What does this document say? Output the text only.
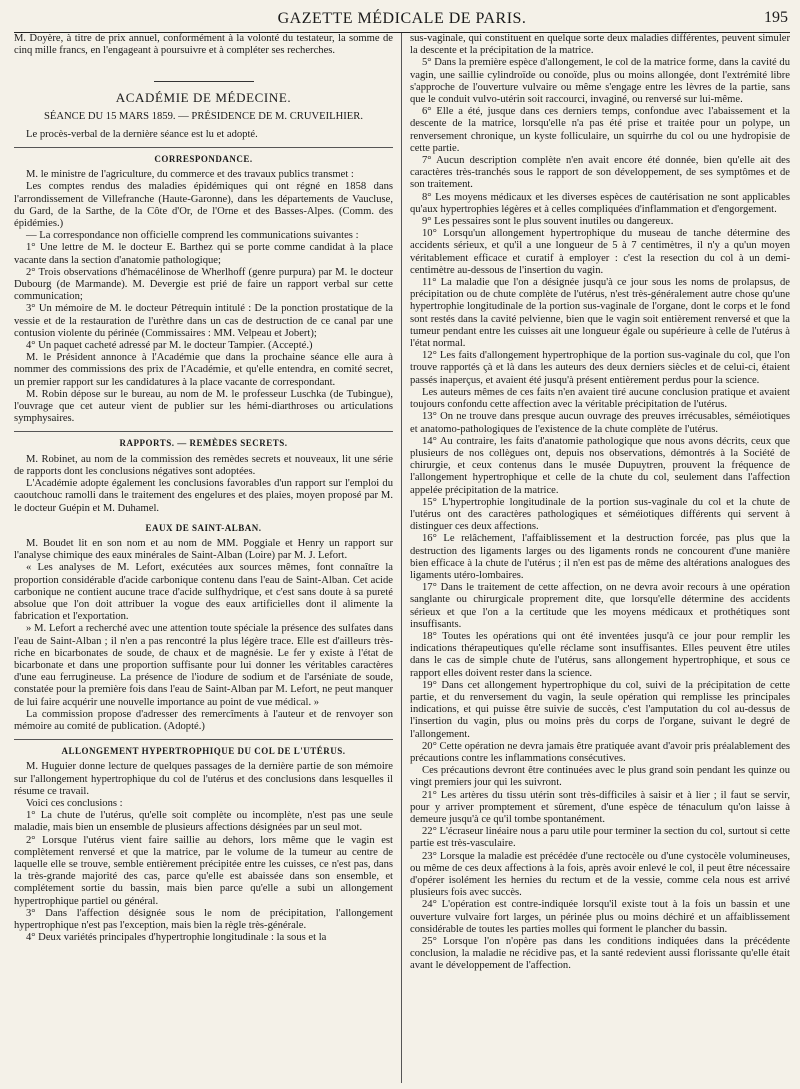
GAZETTE MÉDICALE DE PARIS.	195

M. Doyère, à titre de prix annuel, conformément à la volonté du testateur, la somme de cinq mille francs, en l'engageant à poursuivre et à compléter ses recherches.

ACADÉMIE DE MÉDECINE.

SÉANCE DU 15 MARS 1859. — PRÉSIDENCE DE M. CRUVEILHIER.

Le procès-verbal de la dernière séance est lu et adopté.

CORRESPONDANCE.

M. le ministre de l'agriculture, du commerce et des travaux publics transmet :

Les comptes rendus des maladies épidémiques qui ont régné en 1858 dans l'arrondissement de Villefranche (Haute-Garonne), dans les départements de Vaucluse, du Gard, de la Sarthe, de la Côte d'Or, de l'Orne et des Basses-Alpes. (Comm. des épidémies.)

— La correspondance non officielle comprend les communications suivantes :

1° Une lettre de M. le docteur E. Barthez qui se porte comme candidat à la place vacante dans la section d'anatomie pathologique;

2° Trois observations d'hémacélinose de Wherlhoff (genre purpura) par M. le docteur Dubourg (de Marmande). M. Devergie est prié de faire un rapport verbal sur cette communication;

3° Un mémoire de M. le docteur Pétrequin intitulé : De la ponction prostatique de la vessie et de la restauration de l'urèthre dans un cas de destruction de ce canal par une contusion violente du périnée (Commissaires : MM. Velpeau et Jobert);

4° Un paquet cacheté adressé par M. le docteur Tampier. (Accepté.)

M. le Président annonce à l'Académie que dans la prochaine séance elle aura à nommer des commissions des prix de l'Académie, et qu'elle entendra, en comité secret, un premier rapport sur les candidatures à la place vacante de correspondant.

M. Robin dépose sur le bureau, au nom de M. le professeur Luschka (de Tubingue), l'ouvrage que cet auteur vient de publier sur les hémi-diarthroses ou articulations symphysaires.

RAPPORTS. — REMÈDES SECRETS.

M. Robinet, au nom de la commission des remèdes secrets et nouveaux, lit une série de rapports dont les conclusions négatives sont adoptées.

L'Académie adopte également les conclusions favorables d'un rapport sur l'emploi du caoutchouc ramolli dans le traitement des engelures et des plaies, moyen proposé par M. le docteur Guépin et M. Duhamel.

EAUX DE SAINT-ALBAN.

M. Boudet lit en son nom et au nom de MM. Poggiale et Henry un rapport sur l'analyse chimique des eaux minérales de Saint-Alban (Loire) par M. J. Lefort.

« Les analyses de M. Lefort, exécutées aux sources mêmes, font connaître la proportion considérable d'acide carbonique contenu dans l'eau de Saint-Alban. Cet acide carbonique ne contient aucune trace d'acide sulfhydrique, et c'est sans doute à sa pureté absolue que l'on doit attribuer la vogue des eaux artificielles dont il alimente la fabrication et l'exportation.

» M. Lefort a recherché avec une attention toute spéciale la présence des sulfates dans l'eau de Saint-Alban ; il n'en a pas rencontré la plus légère trace. Elle est d'ailleurs très-riche en bicarbonates de soude, de chaux et de magnésie. Le fer y existe à l'état de bicarbonate et dans une proportion suffisante pour lui donner les véritables caractères d'une eau ferrugineuse. La présence de l'iodure de sodium et de l'arséniate de soude, constatée pour la première fois dans l'eau de Saint-Alban par M. Lefort, ne peut manquer de lui faire acquérir une nouvelle importance au point de vue médical. »

La commission propose d'adresser des remercîments à l'auteur et de renvoyer son mémoire au comité de publication. (Adopté.)

ALLONGEMENT HYPERTROPHIQUE DU COL DE L'UTÉRUS.

M. Huguier donne lecture de quelques passages de la dernière partie de son mémoire sur l'allongement hypertrophique du col de l'utérus et des conclusions dans lesquelles il résume ce travail.

Voici ces conclusions :

1° La chute de l'utérus, qu'elle soit complète ou incomplète, n'est pas une seule maladie, mais bien un ensemble de plusieurs affections désignées par un seul mot.

2° Lorsque l'utérus vient faire saillie au dehors, lors même que le vagin est complètement renversé et que la matrice, par le volume de la tumeur au centre de laquelle elle se trouve, semble entièrement précipitée entre les cuisses, ce n'est pas, dans la très-grande majorité des cas, parce qu'elle est abaissée dans son ensemble, et complétement sortie du bassin, mais bien parce qu'elle a subi un allongement hypertrophique partiel ou général.

3° Dans l'affection désignée sous le nom de précipitation, l'allongement hypertrophique n'est pas l'exception, mais bien la règle très-générale.

4° Deux variétés principales d'hypertrophie longitudinale : la sous et la

sus-vaginale, qui constituent en quelque sorte deux maladies différentes, peuvent simuler la descente et la précipitation de la matrice.

5° Dans la première espèce d'allongement, le col de la matrice forme, dans la cavité du vagin, une saillie cylindroïde ou conoïde, plus ou moins allongée, dont l'extrémité libre s'approche de l'ouverture vulvaire ou même s'engage entre les lèvres de la partie, sans que le conduit vulvo-utérin soit raccourci, invaginé, ou renversé sur lui-même.

6° Elle a été, jusque dans ces derniers temps, confondue avec l'abaissement et la descente de la matrice, lorsqu'elle n'a pas été prise et traitée pour un polype, un renversement chronique, un kyste folliculaire, un squirrhe du col ou une hydropisie de cette partie.

7° Aucun description complète n'en avait encore été donnée, bien qu'elle ait des caractères très-tranchés sous le rapport de son développement, de ses symptômes et de son traitement.

8° Les moyens médicaux et les diverses espèces de cautérisation ne sont applicables qu'aux hypertrophies légères et à celles compliquées d'inflammation et d'engorgement.

9° Les pessaires sont le plus souvent inutiles ou dangereux.

10° Lorsqu'un allongement hypertrophique du museau de tanche détermine des accidents sérieux, et qu'il a une longueur de 5 à 7 centimètres, il n'y a qu'un moyen véritablement efficace et curatif à employer : c'est la resection du col à un demi-centimètre au-dessous de l'insertion du vagin.

11° La maladie que l'on a désignée jusqu'à ce jour sous les noms de prolapsus, de précipitation ou de chute complète de l'utérus, n'est très-généralement autre chose qu'une hypertrophie longitudinale de la portion sus-vaginale de l'organe, dont le corps et le fond sont restés dans la cavité pelvienne, bien que le vagin soit entièrement renversé et que la tumeur pendant entre les cuisses ait une longueur égale ou supérieure à celle de l'utérus à l'état normal.

12° Les faits d'allongement hypertrophique de la portion sus-vaginale du col, que l'on trouve rapportés çà et là dans les auteurs des deux derniers siècles et de celui-ci, étaient passés inaperçus, et avaient été jusqu'à présent entièrement perdus pour la science.

Les auteurs mêmes de ces faits n'en avaient tiré aucune conclusion pratique et avaient toujours confondu cette affection avec la véritable précipitation de l'utérus.

13° On ne trouve dans presque aucun ouvrage des preuves irrécusables, séméiotiques et anatomo-pathologiques de l'existence de la chute complète de l'utérus.

14° Au contraire, les faits d'anatomie pathologique que nous avons décrits, ceux que plusieurs de nos collègues ont, depuis nos observations, démontrés à la Société de chirurgie, et ceux contenus dans le musée Dupuytren, prouvent la fréquence de l'allongement hypertrophique et celle de la chute du col, seulement dans l'affection appelée précipitation de la matrice.

15° L'hypertrophie longitudinale de la portion sus-vaginale du col et la chute de l'utérus ont des caractères pathologiques et séméiotiques différents qui servent à distinguer ces deux affections.

16° Le relâchement, l'affaiblissement et la destruction forcée, pas plus que la destruction des ligaments larges ou des ligaments ronds ne concourent d'une manière bien efficace à la chute de l'utérus ; il n'en est pas de même des altérations analogues des ligaments utéro-lombaires.

17° Dans le traitement de cette affection, on ne devra avoir recours à une opération sanglante ou chirurgicale proprement dite, que lorsqu'elle détermine des accidents sérieux et que l'on a la certitude que les moyens médicaux et prothétiques sont insuffisants.

18° Toutes les opérations qui ont été inventées jusqu'à ce jour pour remplir les indications thérapeutiques qu'elle réclame sont insuffisantes. Elles peuvent être utiles dans le cas de simple chute de l'utérus, sans allongement hypertrophique, et sous ce rapport elles doivent rester dans la science.

19° Dans cet allongement hypertrophique du col, suivi de la précipitation de cette partie, et du renversement du vagin, la seule opération qui remplisse les principales indications, et qui puisse être suivie de succès, c'est l'amputation du col au-dessus de l'insertion du vagin, plus ou moins près du corps de l'organe, suivant le degré de l'allongement.

20° Cette opération ne devra jamais être pratiquée avant d'avoir pris préalablement des précautions contre les inflammations consécutives.

Ces précautions devront être continuées avec le plus grand soin pendant les quinze ou vingt premiers jour qui les suivront.

21° Les artères du tissu utérin sont très-difficiles à saisir et à lier ; il faut se servir, pour y arriver promptement et sûrement, d'une espèce de ténaculum qu'on laisse à demeure jusqu'à ce qu'il tombe spontanément.

22° L'écraseur linéaire nous a paru utile pour terminer la section du col, surtout si cette partie est très-vasculaire.

23° Lorsque la maladie est précédée d'une rectocèle ou d'une cystocèle volumineuses, ou même de ces deux affections à la fois, après avoir enlevé le col, il peut être nécessaire d'opérer isolément les hernies du rectum et de la vessie, comme cela nous est arrivé plusieurs fois avec succès.

24° L'opération est contre-indiquée lorsqu'il existe tout à la fois un bassin et une ouverture vulvaire fort larges, un périnée plus ou moins déchiré et un affaiblissement considérable de toutes les parties molles qui forment le plancher du bassin.

25° Lorsque l'on n'opère pas dans les conditions indiquées dans la précédente conclusion, la maladie ne récidive pas, et la santé redevient aussi florissante qu'elle était avant le développement de l'affection.
